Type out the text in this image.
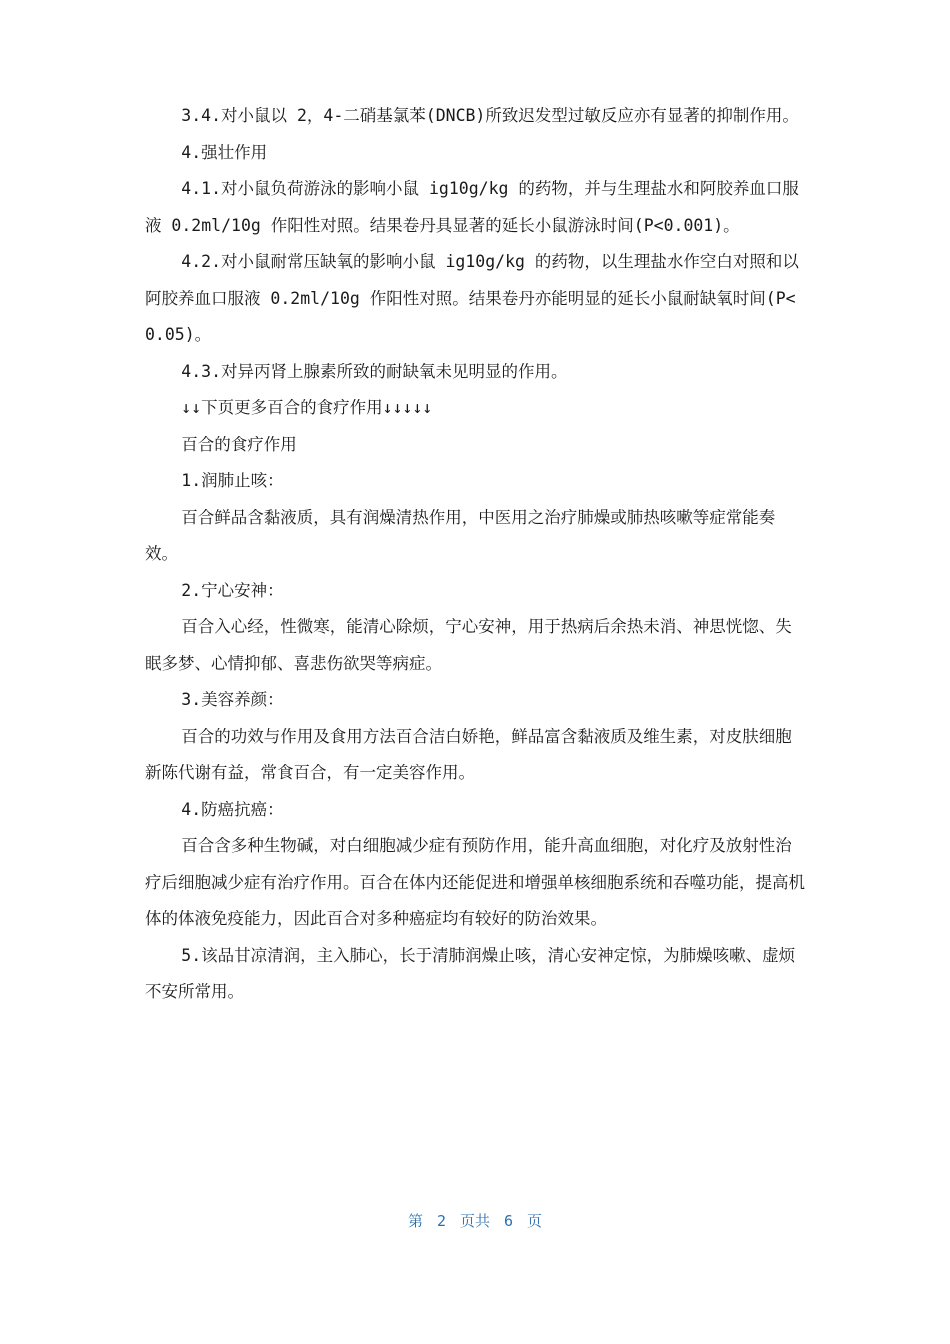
3.4.对小鼠以 2，4-二硝基氯苯(DNCB)所致迟发型过敏反应亦有显著的抑制作用。

4.强壮作用

4.1.对小鼠负荷游泳的影响小鼠 ig10g/kg 的药物，并与生理盐水和阿胶养血口服液 0.2ml/10g 作阳性对照。结果卷丹具显著的延长小鼠游泳时间(P<0.001)。

4.2.对小鼠耐常压缺氧的影响小鼠 ig10g/kg 的药物，以生理盐水作空白对照和以阿胶养血口服液 0.2ml/10g 作阳性对照。结果卷丹亦能明显的延长小鼠耐缺氧时间(P<0.05)。

4.3.对异丙肾上腺素所致的耐缺氧未见明显的作用。

↓↓下页更多百合的食疗作用↓↓↓↓↓

百合的食疗作用

1.润肺止咳：

百合鲜品含黏液质，具有润燥清热作用，中医用之治疗肺燥或肺热咳嗽等症常能奏效。

2.宁心安神：

百合入心经，性微寒，能清心除烦，宁心安神，用于热病后余热未消、神思恍惚、失眠多梦、心情抑郁、喜悲伤欲哭等病症。

3.美容养颜：

百合的功效与作用及食用方法百合洁白娇艳，鲜品富含黏液质及维生素，对皮肤细胞新陈代谢有益，常食百合，有一定美容作用。

4.防癌抗癌：

百合含多种生物碱，对白细胞减少症有预防作用，能升高血细胞，对化疗及放射性治疗后细胞减少症有治疗作用。百合在体内还能促进和增强单核细胞系统和吞噬功能，提高机体的体液免疫能力，因此百合对多种癌症均有较好的防治效果。

5.该品甘凉清润，主入肺心，长于清肺润燥止咳，清心安神定惊，为肺燥咳嗽、虚烦不安所常用。

第 2 页共 6 页
